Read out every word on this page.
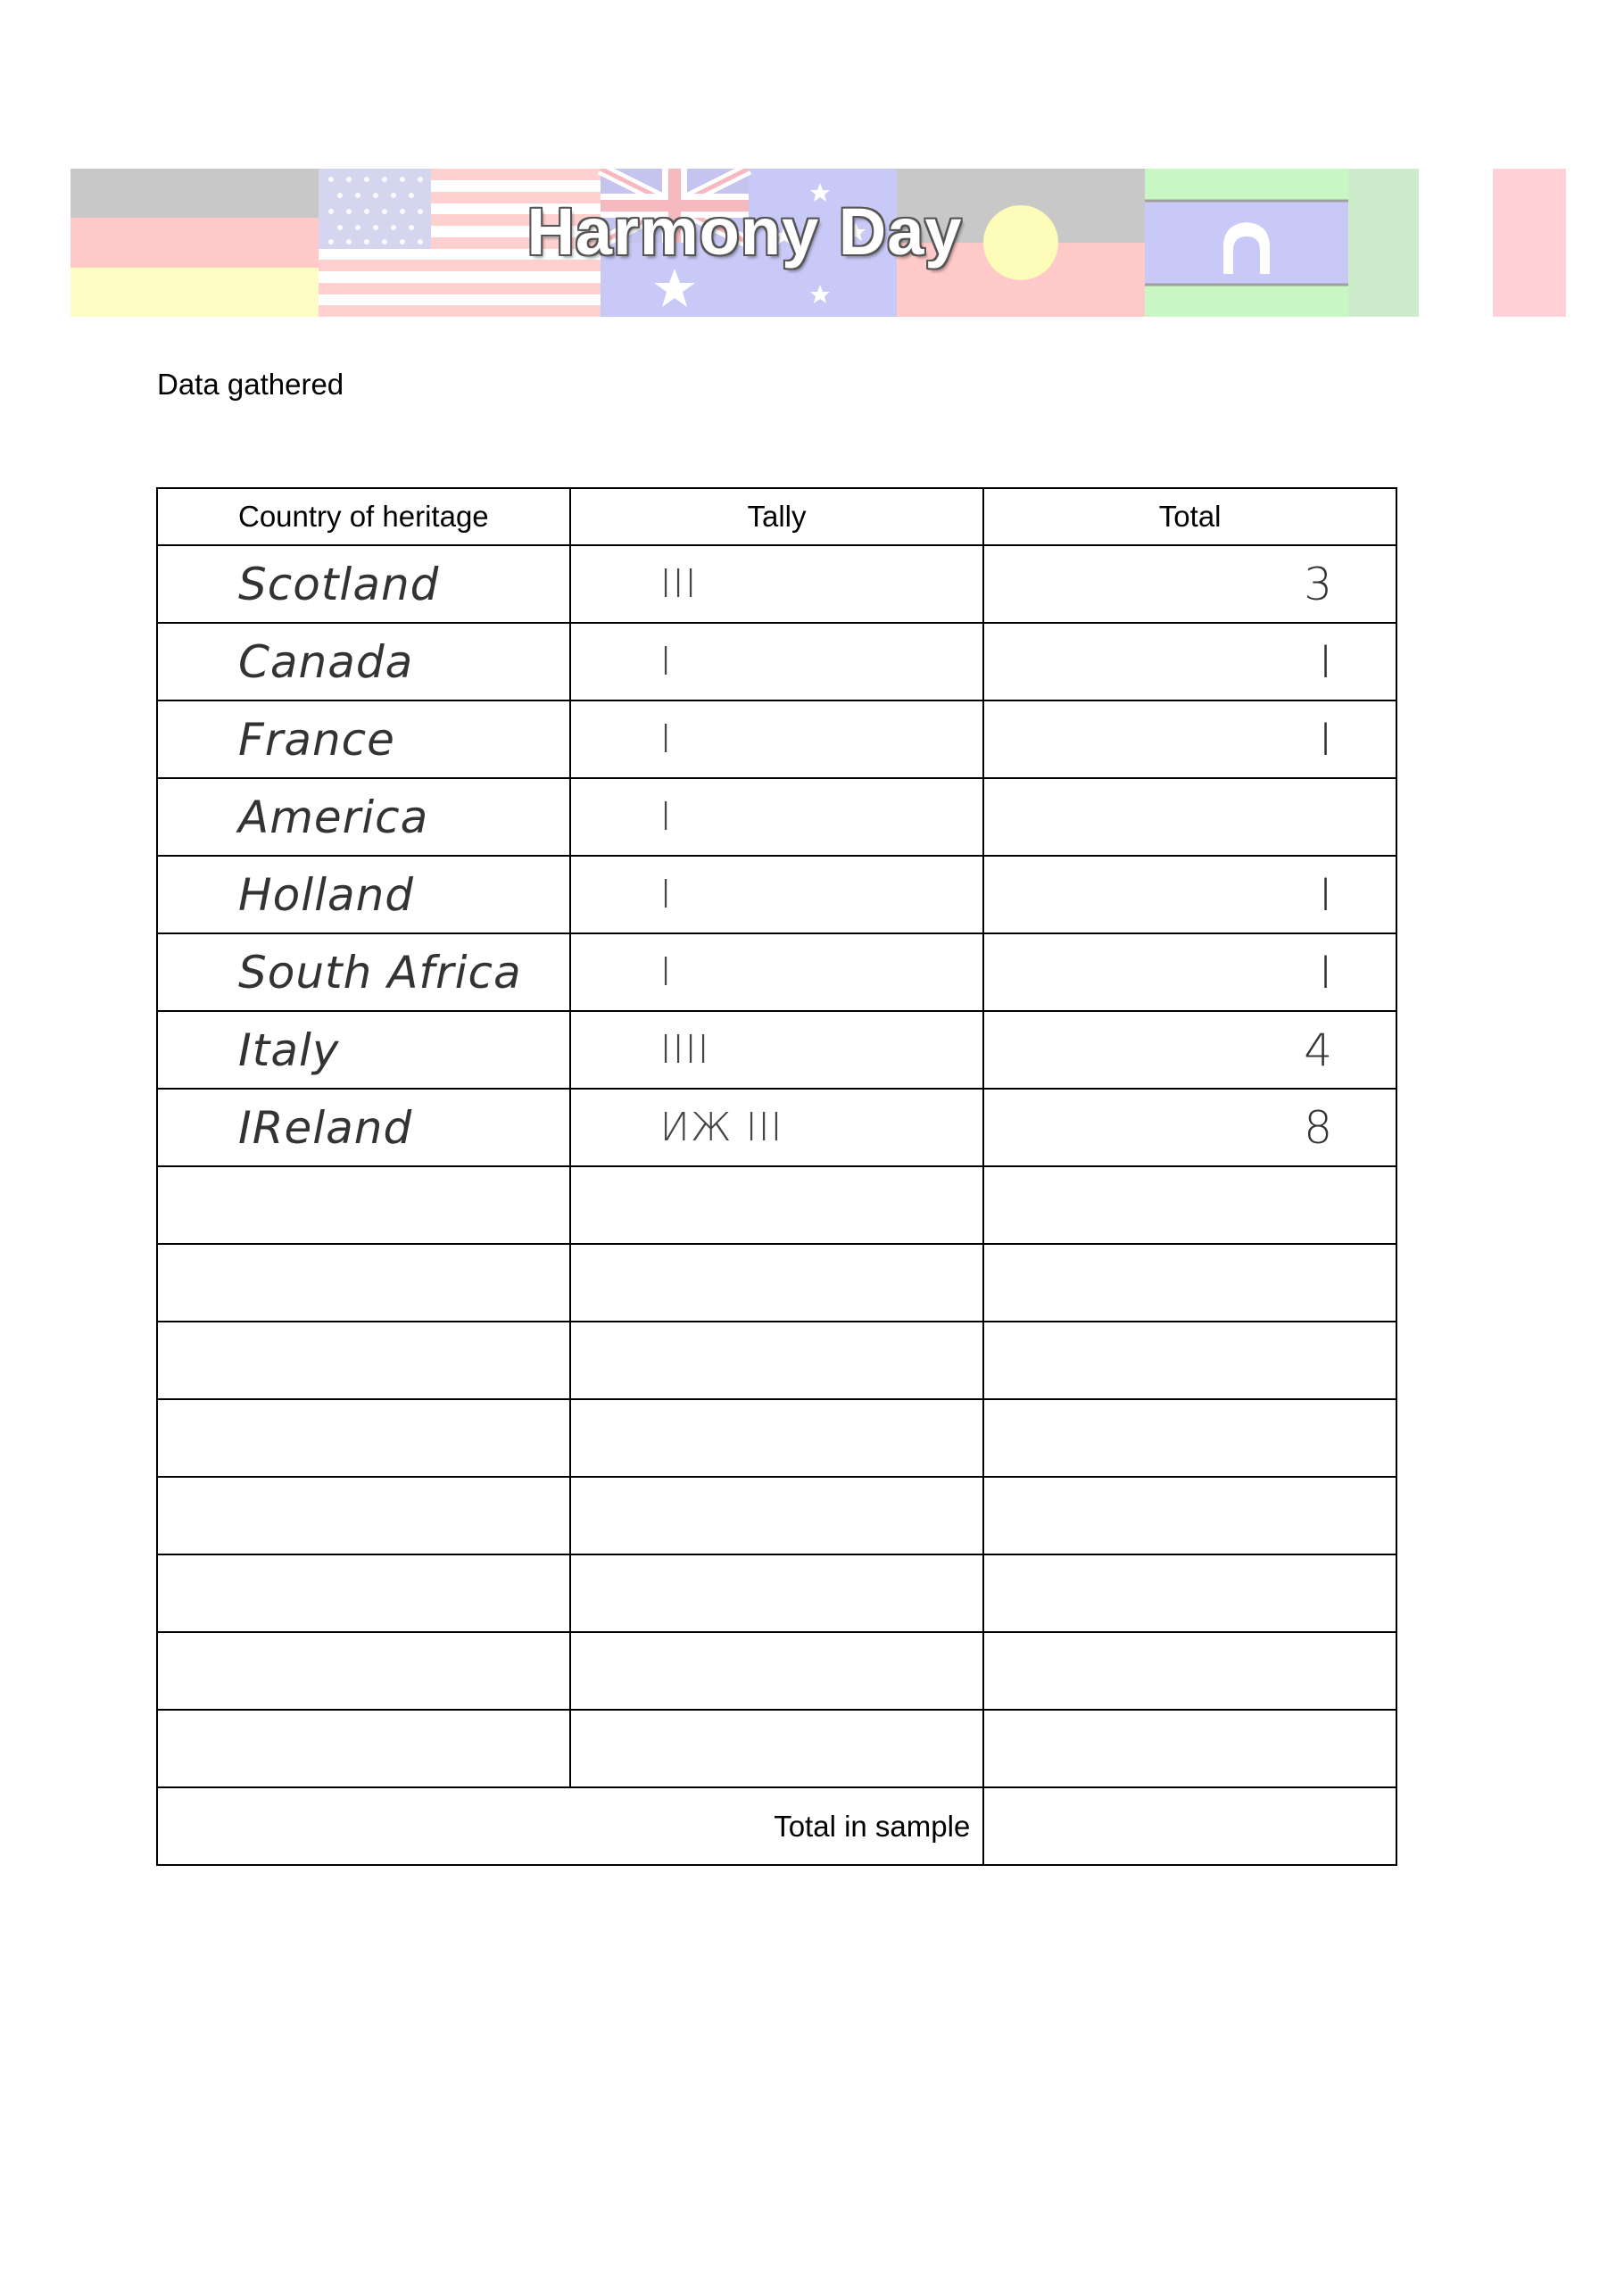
Harmony Day
Data gathered
Country of heritage	Tally	Total
Scotland	III	3
Canada	I	I
France	I	I
America	I	
Holland	I	I
South Africa	I	I
Italy	IIII	4
IReland	ИЖ III	8

Total in sample		
